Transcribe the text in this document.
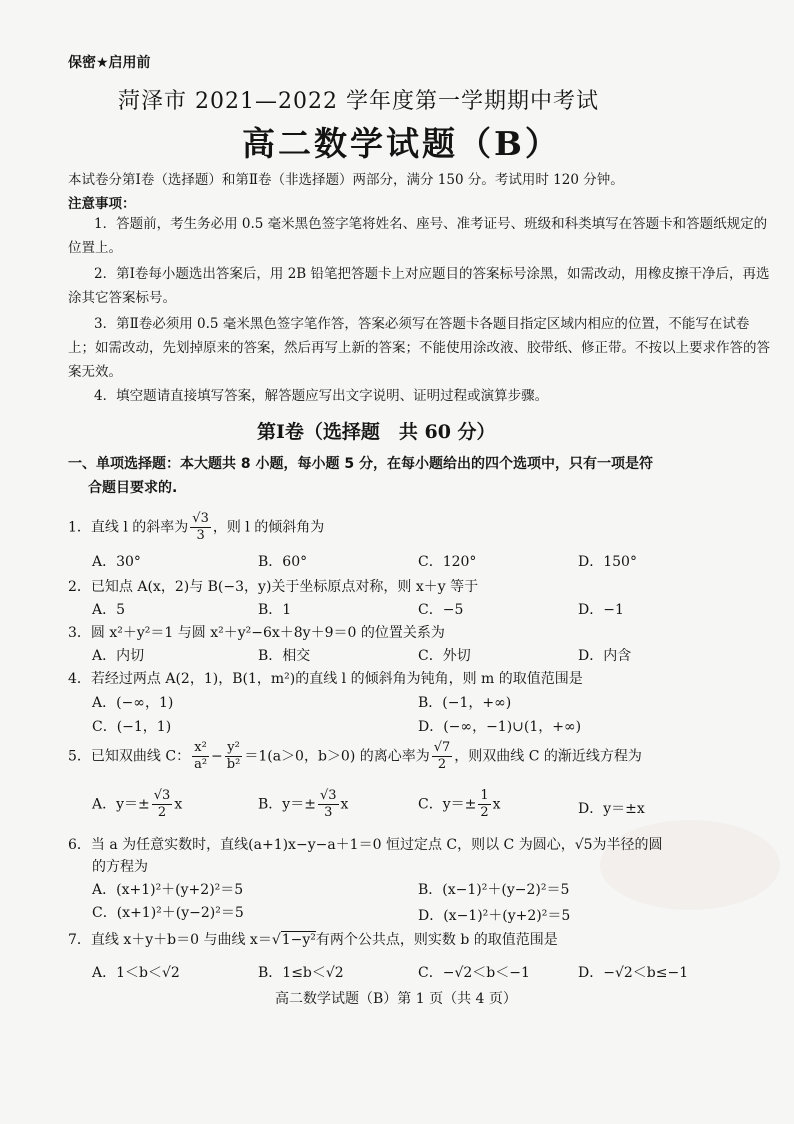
保密★启用前
菏泽市 2021—2022 学年度第一学期期中考试
高二数学试题（B）
本试卷分第Ⅰ卷（选择题）和第Ⅱ卷（非选择题）两部分，满分 150 分。考试用时 120 分钟。
注意事项：
1．答题前，考生务必用 0.5 毫米黑色签字笔将姓名、座号、准考证号、班级和科类填写在答题卡和答题纸规定的位置上。
2．第Ⅰ卷每小题选出答案后，用 2B 铅笔把答题卡上对应题目的答案标号涂黑，如需改动，用橡皮擦干净后，再选涂其它答案标号。
3．第Ⅱ卷必须用 0.5 毫米黑色签字笔作答，答案必须写在答题卡各题目指定区域内相应的位置，不能写在试卷上；如需改动，先划掉原来的答案，然后再写上新的答案；不能使用涂改液、胶带纸、修正带。不按以上要求作答的答案无效。
4．填空题请直接填写答案，解答题应写出文字说明、证明过程或演算步骤。
第Ⅰ卷（选择题　共 60 分）
一、单项选择题：本大题共 8 小题，每小题 5 分，在每小题给出的四个选项中，只有一项是符
合题目要求的.
1．直线 l 的斜率为 $\frac{√3}{3}$ ，则 l 的倾斜角为
A．30°	B．60°	C．120°	D．150°
2．已知点 A(x，2)与 B(−3，y)关于坐标原点对称，则 x＋y 等于
A．5	B．1	C．−5	D．−1
3．圆 x²＋y²＝1 与圆 x²＋y²−6x＋8y＋9＝0 的位置关系为
A．内切	B．相交	C．外切	D．内含
4．若经过两点 A(2，1)，B(1，m²)的直线 l 的倾斜角为钝角，则 m 的取值范围是
A．(−∞，1)	B．(−1，+∞)
C．(−1，1)	D．(−∞，−1)∪(1，+∞)
5．已知双曲线 C： $\frac{\text{x²}}{\text{a²}} - \frac{\text{y²}}{\text{b²}} =1(a>0$，b＞0) 的离心率为 $\frac{√7}{2}$ ，则双曲线 C 的渐近线方程为
A．$y=\pm \frac{√3}{2}$ x	B．$y=\pm \frac{√3}{3}$ x	C．$y=\pm \frac{1}{2}$ x	D．y＝±x
6．当 a 为任意实数时，直线(a+1)x−y−a＋1＝0 恒过定点 C，则以 C 为圆心，√5为半径的圆
的方程为
A．(x+1)²＋(y+2)²＝5	B．(x−1)²＋(y−2)²＝5
C．(x+1)²＋(y−2)²＝5	D．(x−1)²＋(y+2)²＝5
7．直线 x＋y＋b＝0 与曲线 x＝√1−y²有两个公共点，则实数 b 的取值范围是
A．1＜b＜√2	B．1≤b＜√2	C．−√2＜b＜−1	D．−√2＜b≤−1
高二数学试题（B）第 1 页（共 4 页）
